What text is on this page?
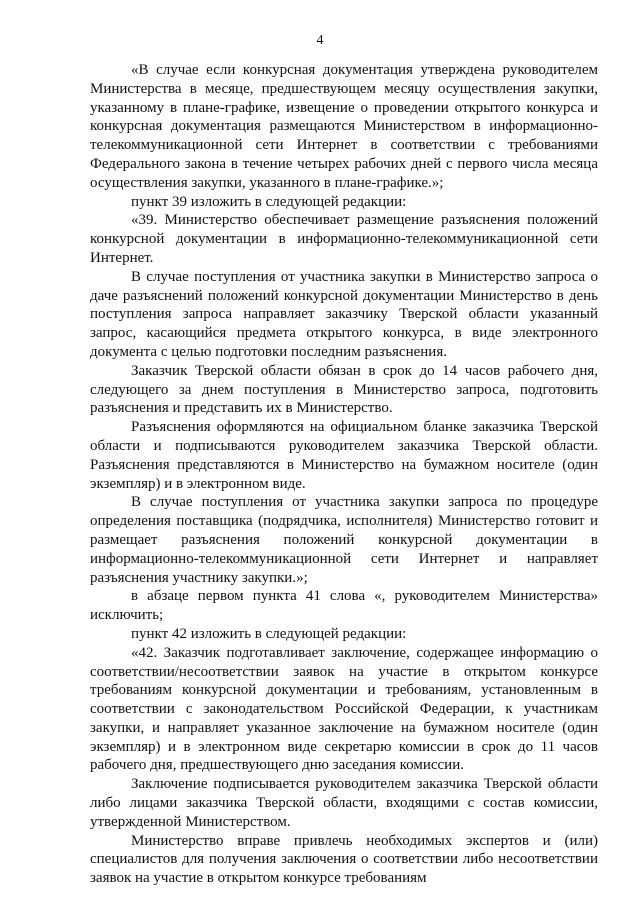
4

«В случае если конкурсная документация утверждена руководителем Министерства в месяце, предшествующем месяцу осуществления закупки, указанному в плане-графике, извещение о проведении открытого конкурса и конкурсная документация размещаются Министерством в информационно-телекоммуникационной сети Интернет в соответствии с требованиями Федерального закона в течение четырех рабочих дней с первого числа месяца осуществления закупки, указанного в плане-графике.»;

пункт 39 изложить в следующей редакции:

«39. Министерство обеспечивает размещение разъяснения положений конкурсной документации в информационно-телекоммуникационной сети Интернет.

В случае поступления от участника закупки в Министерство запроса о даче разъяснений положений конкурсной документации Министерство в день поступления запроса направляет заказчику Тверской области указанный запрос, касающийся предмета открытого конкурса, в виде электронного документа с целью подготовки последним разъяснения.

Заказчик Тверской области обязан в срок до 14 часов рабочего дня, следующего за днем поступления в Министерство запроса, подготовить разъяснения и представить их в Министерство.

Разъяснения оформляются на официальном бланке заказчика Тверской области и подписываются руководителем заказчика Тверской области. Разъяснения представляются в Министерство на бумажном носителе (один экземпляр) и в электронном виде.

В случае поступления от участника закупки запроса по процедуре определения поставщика (подрядчика, исполнителя) Министерство готовит и размещает разъяснения положений конкурсной документации в информационно-телекоммуникационной сети Интернет и направляет разъяснения участнику закупки.»;

в абзаце первом пункта 41 слова «, руководителем Министерства» исключить;

пункт 42 изложить в следующей редакции:

«42. Заказчик подготавливает заключение, содержащее информацию о соответствии/несоответствии заявок на участие в открытом конкурсе требованиям конкурсной документации и требованиям, установленным в соответствии с законодательством Российской Федерации, к участникам закупки, и направляет указанное заключение на бумажном носителе (один экземпляр) и в электронном виде секретарю комиссии в срок до 11 часов рабочего дня, предшествующего дню заседания комиссии.

Заключение подписывается руководителем заказчика Тверской области либо лицами заказчика Тверской области, входящими с состав комиссии, утвержденной Министерством.

Министерство вправе привлечь необходимых экспертов и (или) специалистов для получения заключения о соответствии либо несоответствии заявок на участие в открытом конкурсе требованиям
